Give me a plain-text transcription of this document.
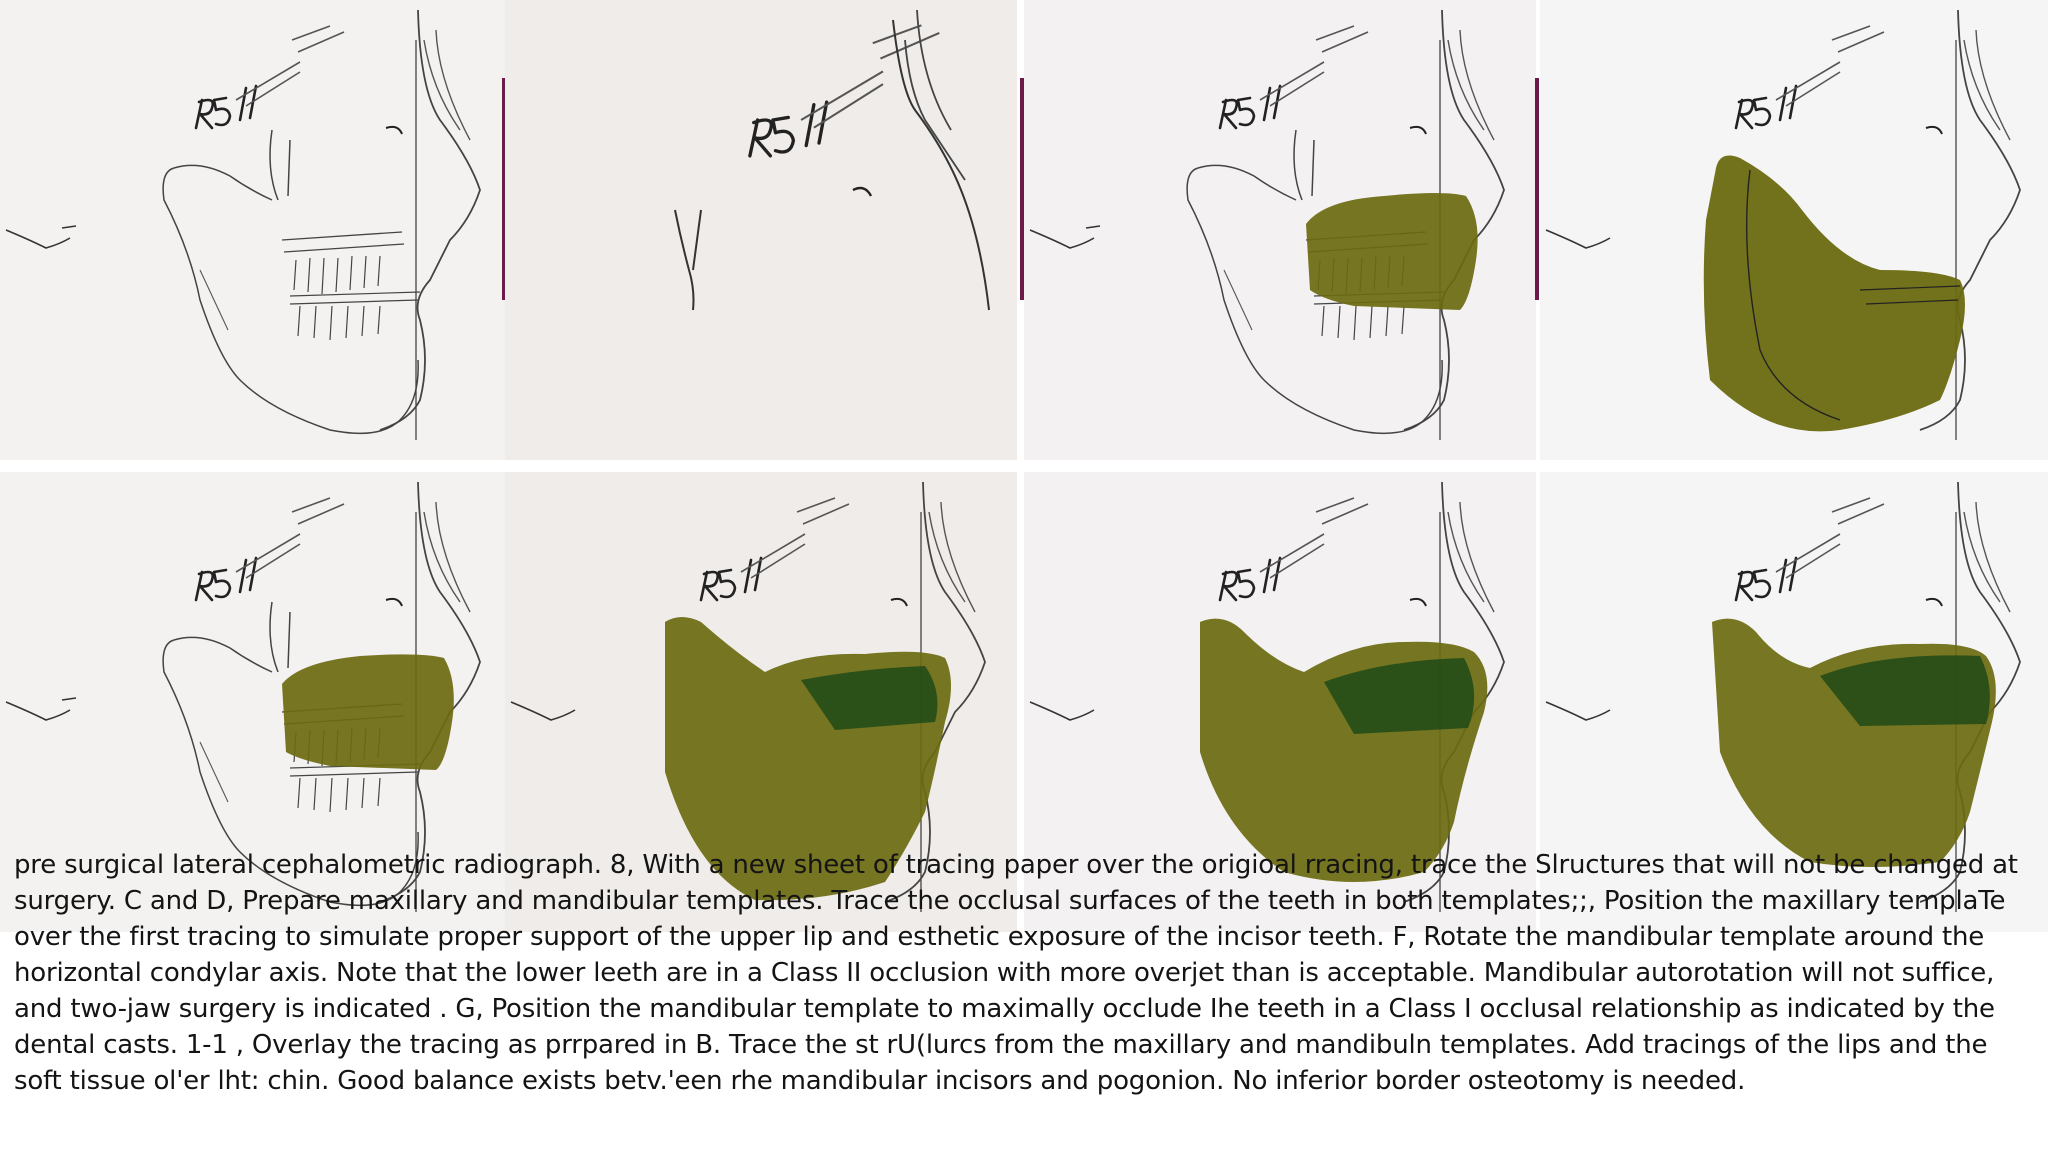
pre surgical lateral cephalometric radiograph. 8, With a new sheet of tracing paper over the origioal rracing, trace the Slructures that will not be changed at surgery. C and D, Prepare maxillary and mandibular templates. Trace the occlusal surfaces of the teeth in both templates;;, Position the maxillary templaTe over the first tracing to simulate proper support of the upper lip and esthetic exposure of the incisor teeth. F, Rotate the mandibular template around the horizontal condylar axis. Note that the lower leeth are in a Class II occlusion with more overjet than is acceptable. Mandibular autorotation will not suffice, and two-jaw surgery is indicated . G, Position the mandibular template to maximally occlude Ihe teeth in a Class I occlusal relationship as indicated by the dental casts. 1-1 , Overlay the tracing as prrpared in B. Trace the st rU(lurcs from the maxillary and mandibuln templates. Add tracings of the lips and the soft tissue ol'er lht: chin. Good balance exists betv.'een rhe mandibular incisors and pogonion. No inferior border osteotomy is needed.
